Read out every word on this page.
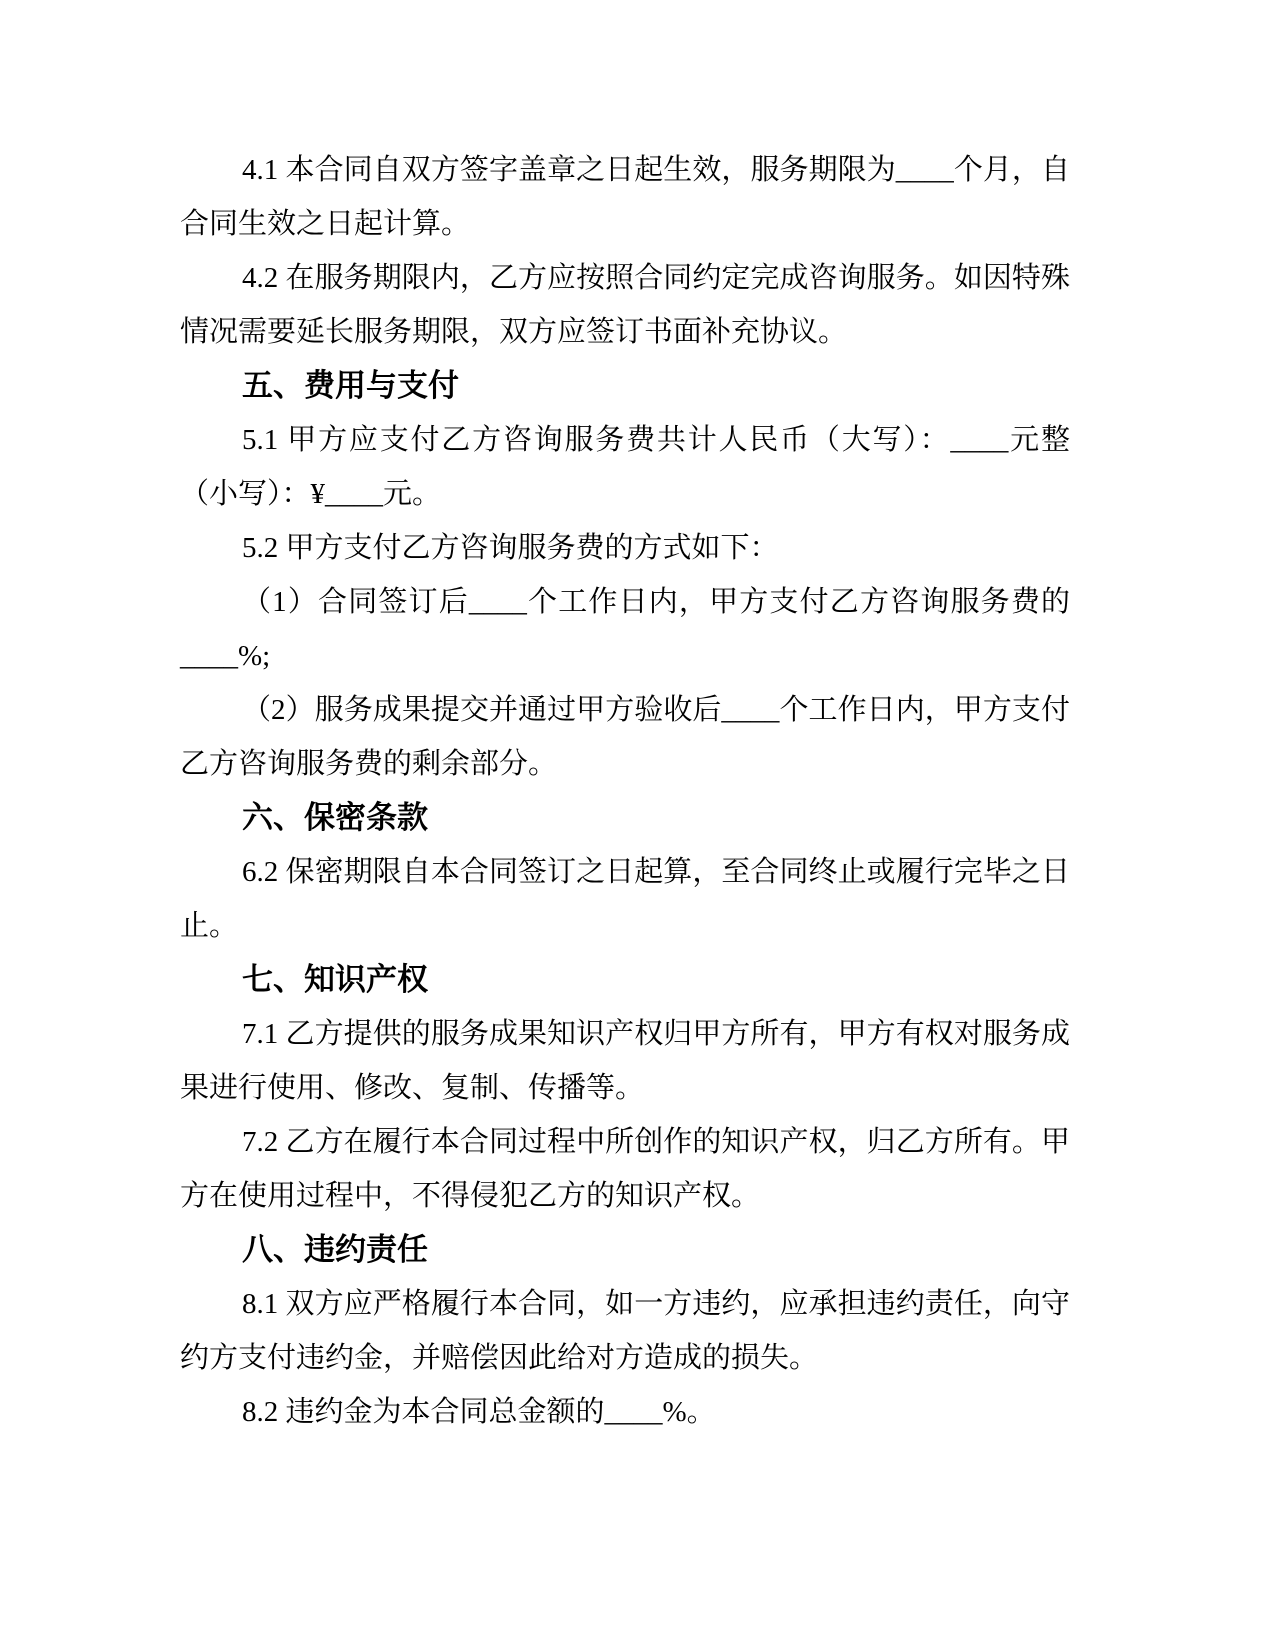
4.1 本合同自双方签字盖章之日起生效，服务期限为____个月，自合同生效之日起计算。

4.2 在服务期限内，乙方应按照合同约定完成咨询服务。如因特殊情况需要延长服务期限，双方应签订书面补充协议。

五、费用与支付

5.1 甲方应支付乙方咨询服务费共计人民币（大写）：____元整（小写）：¥____元。

5.2 甲方支付乙方咨询服务费的方式如下：

（1）合同签订后____个工作日内，甲方支付乙方咨询服务费的____%;

（2）服务成果提交并通过甲方验收后____个工作日内，甲方支付乙方咨询服务费的剩余部分。

六、保密条款

6.2 保密期限自本合同签订之日起算，至合同终止或履行完毕之日止。

七、知识产权

7.1 乙方提供的服务成果知识产权归甲方所有，甲方有权对服务成果进行使用、修改、复制、传播等。

7.2 乙方在履行本合同过程中所创作的知识产权，归乙方所有。甲方在使用过程中，不得侵犯乙方的知识产权。

八、违约责任

8.1 双方应严格履行本合同，如一方违约，应承担违约责任，向守约方支付违约金，并赔偿因此给对方造成的损失。

8.2 违约金为本合同总金额的____%。
